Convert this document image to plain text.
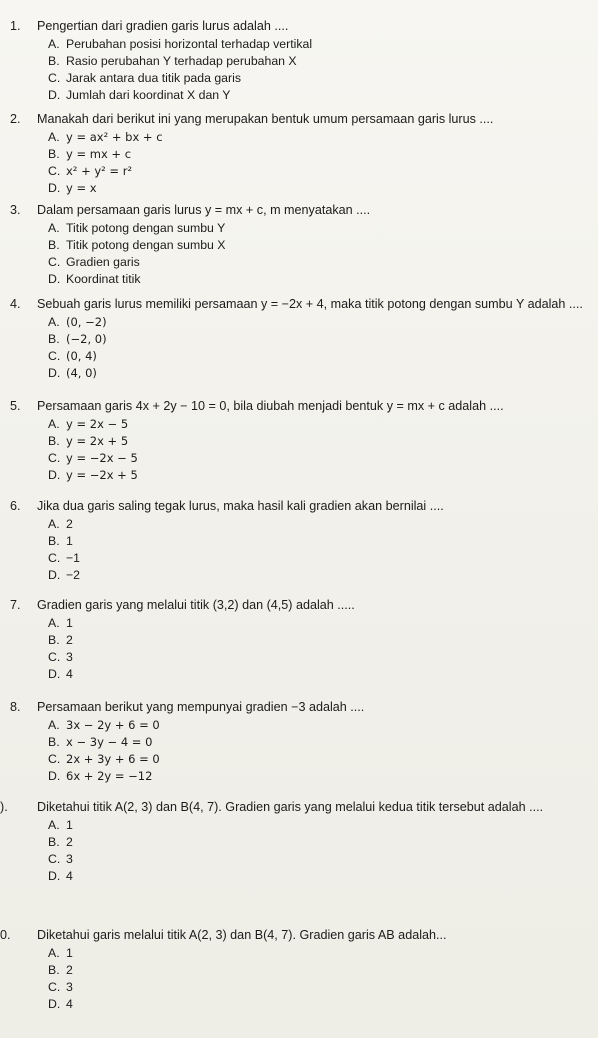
1. Pengertian dari gradien garis lurus adalah ....
A. Perubahan posisi horizontal terhadap vertikal
B. Rasio perubahan Y terhadap perubahan X
C. Jarak antara dua titik pada garis
D. Jumlah dari koordinat X dan Y
2. Manakah dari berikut ini yang merupakan bentuk umum persamaan garis lurus ....
A. y = ax² + bx + c
B. y = mx + c
C. x² + y² = r²
D. y = x
3. Dalam persamaan garis lurus y = mx + c, m menyatakan ....
A. Titik potong dengan sumbu Y
B. Titik potong dengan sumbu X
C. Gradien garis
D. Koordinat titik
4. Sebuah garis lurus memiliki persamaan y = −2x + 4, maka titik potong dengan sumbu Y adalah ....
A. (0, −2)
B. (−2, 0)
C. (0, 4)
D. (4, 0)
5. Persamaan garis 4x + 2y − 10 = 0, bila diubah menjadi bentuk y = mx + c adalah ....
A. y = 2x − 5
B. y = 2x + 5
C. y = −2x − 5
D. y = −2x + 5
6. Jika dua garis saling tegak lurus, maka hasil kali gradien akan bernilai ....
A. 2
B. 1
C. −1
D. −2
7. Gradien garis yang melalui titik (3,2) dan (4,5) adalah .....
A. 1
B. 2
C. 3
D. 4
8. Persamaan berikut yang mempunyai gradien −3 adalah ....
A. 3x − 2y + 6 = 0
B. x − 3y − 4 = 0
C. 2x + 3y + 6 = 0
D. 6x + 2y = −12
). Diketahui titik A(2, 3) dan B(4, 7). Gradien garis yang melalui kedua titik tersebut adalah ....
A. 1
B. 2
C. 3
D. 4
0. Diketahui garis melalui titik A(2, 3) dan B(4, 7). Gradien garis AB adalah...
A. 1
B. 2
C. 3
D. 4
